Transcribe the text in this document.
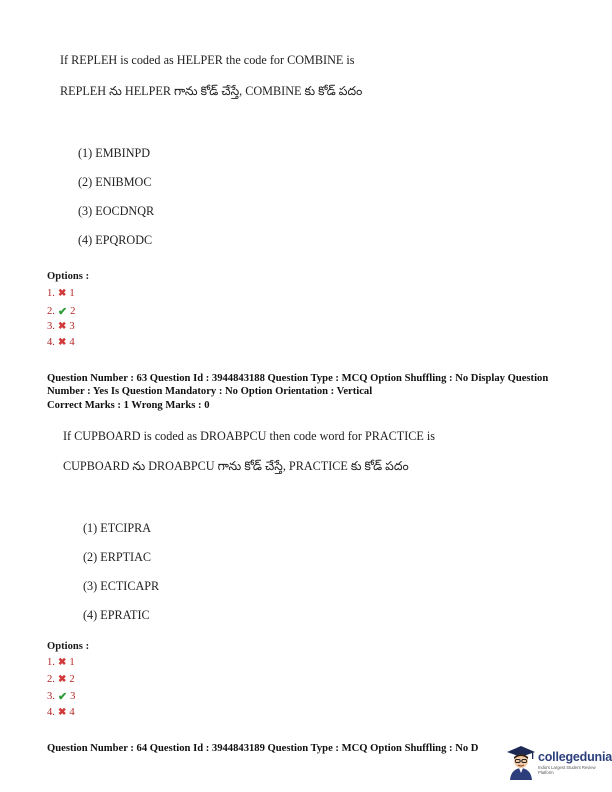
If REPLEH is coded as HELPER the code for COMBINE is
REPLEH ను HELPER గాను కోడ్ చేస్తే, COMBINE కు కోడ్ పదం
(1) EMBINPD
(2) ENIBMOC
(3) EOCDNQR
(4) EPQRODC
Options :
1. ✖ 1
2. ✔ 2
3. ✖ 3
4. ✖ 4
Question Number : 63 Question Id : 3944843188 Question Type : MCQ Option Shuffling : No Display Question
Number : Yes Is Question Mandatory : No Option Orientation : Vertical
Correct Marks : 1 Wrong Marks : 0
If CUPBOARD is coded as DROABPCU then code word for PRACTICE is
CUPBOARD ను DROABPCU గాను కోడ్ చేస్తే, PRACTICE కు కోడ్ పదం
(1) ETCIPRA
(2) ERPTIAC
(3) ECTICAPR
(4) EPRATIC
Options :
1. ✖ 1
2. ✖ 2
3. ✔ 3
4. ✖ 4
Question Number : 64 Question Id : 3944843189 Question Type : MCQ Option Shuffling : No D
collegedunia
India's Largest Student Review Platform
